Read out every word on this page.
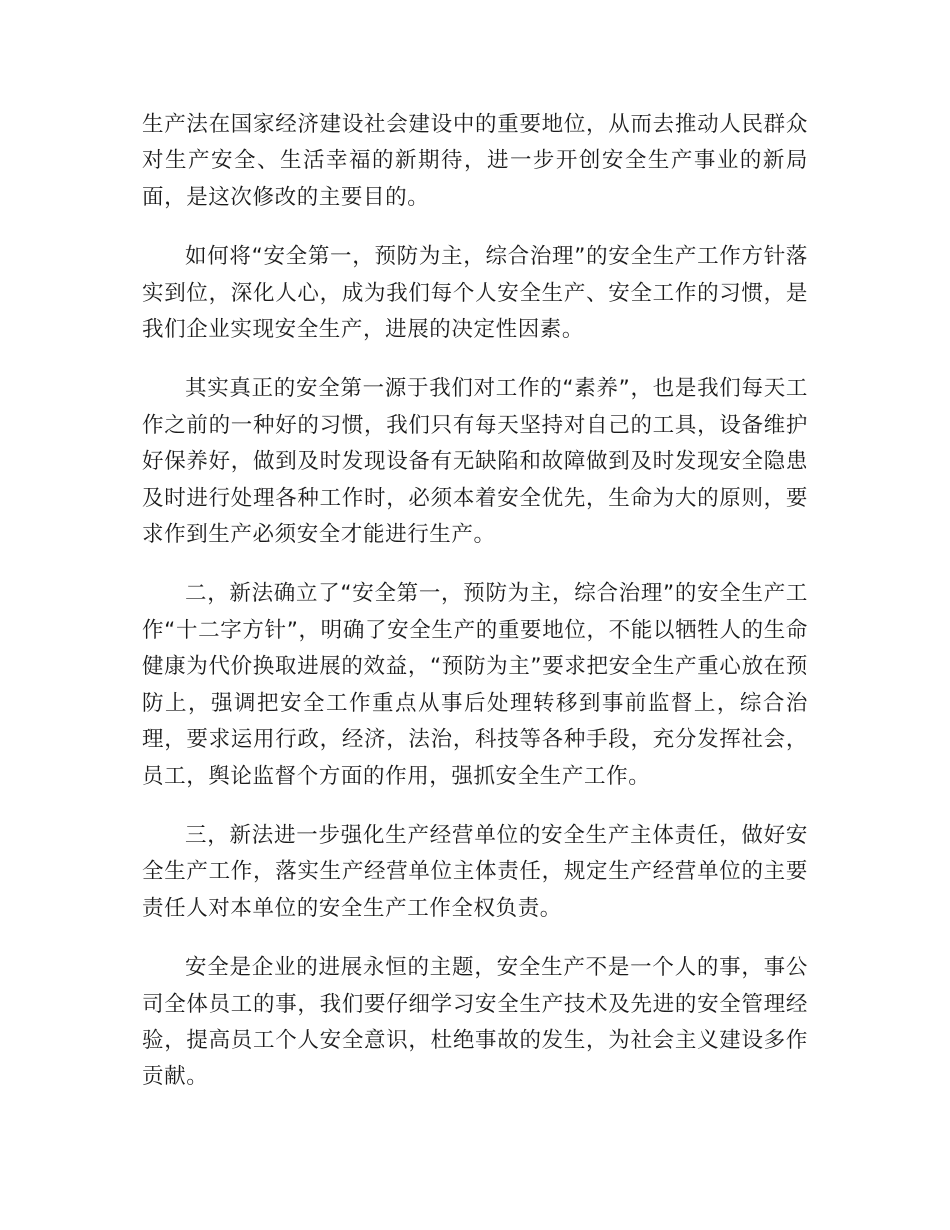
生产法在国家经济建设社会建设中的重要地位，从而去推动人民群众对生产安全、生活幸福的新期待，进一步开创安全生产事业的新局面，是这次修改的主要目的。

如何将“安全第一，预防为主，综合治理”的安全生产工作方针落实到位，深化人心，成为我们每个人安全生产、安全工作的习惯，是我们企业实现安全生产，进展的决定性因素。

其实真正的安全第一源于我们对工作的“素养”，也是我们每天工作之前的一种好的习惯，我们只有每天坚持对自己的工具，设备维护好保养好，做到及时发现设备有无缺陷和故障做到及时发现安全隐患及时进行处理各种工作时，必须本着安全优先，生命为大的原则，要求作到生产必须安全才能进行生产。

二，新法确立了“安全第一，预防为主，综合治理”的安全生产工作“十二字方针”，明确了安全生产的重要地位，不能以牺牲人的生命健康为代价换取进展的效益，“预防为主”要求把安全生产重心放在预防上，强调把安全工作重点从事后处理转移到事前监督上，综合治理，要求运用行政，经济，法治，科技等各种手段，充分发挥社会，员工，舆论监督个方面的作用，强抓安全生产工作。

三，新法进一步强化生产经营单位的安全生产主体责任，做好安全生产工作，落实生产经营单位主体责任，规定生产经营单位的主要责任人对本单位的安全生产工作全权负责。

安全是企业的进展永恒的主题，安全生产不是一个人的事，事公司全体员工的事，我们要仔细学习安全生产技术及先进的安全管理经验，提高员工个人安全意识，杜绝事故的发生，为社会主义建设多作贡献。
